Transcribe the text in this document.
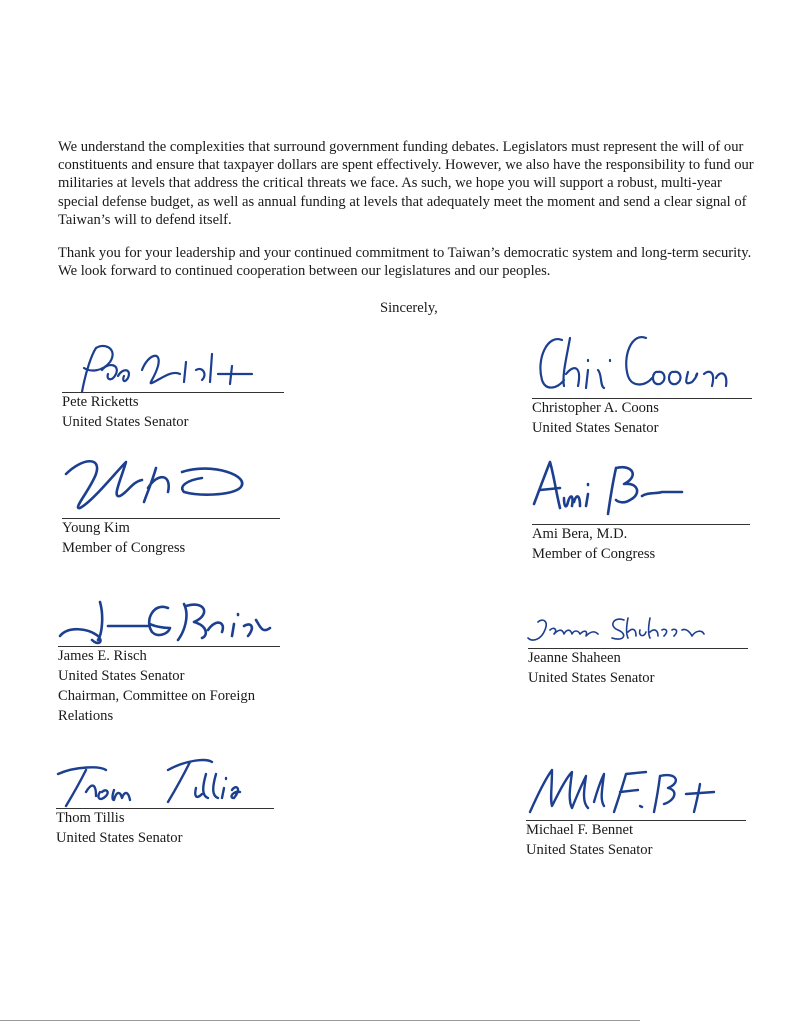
We understand the complexities that surround government funding debates. Legislators must represent the will of our constituents and ensure that taxpayer dollars are spent effectively. However, we also have the responsibility to fund our militaries at levels that address the critical threats we face. As such, we hope you will support a robust, multi-year special defense budget, as well as annual funding at levels that adequately meet the moment and send a clear signal of Taiwan’s will to defend itself.

Thank you for your leadership and your continued commitment to Taiwan’s democratic system and long-term security. We look forward to continued cooperation between our legislatures and our peoples.

Sincerely,
Pete Ricketts
United States Senator
Christopher A. Coons
United States Senator
Young Kim
Member of Congress
Ami Bera, M.D.
Member of Congress
James E. Risch
United States Senator
Chairman, Committee on Foreign Relations
Jeanne Shaheen
United States Senator
Thom Tillis
United States Senator	Michael F. Bennet
United States Senator
